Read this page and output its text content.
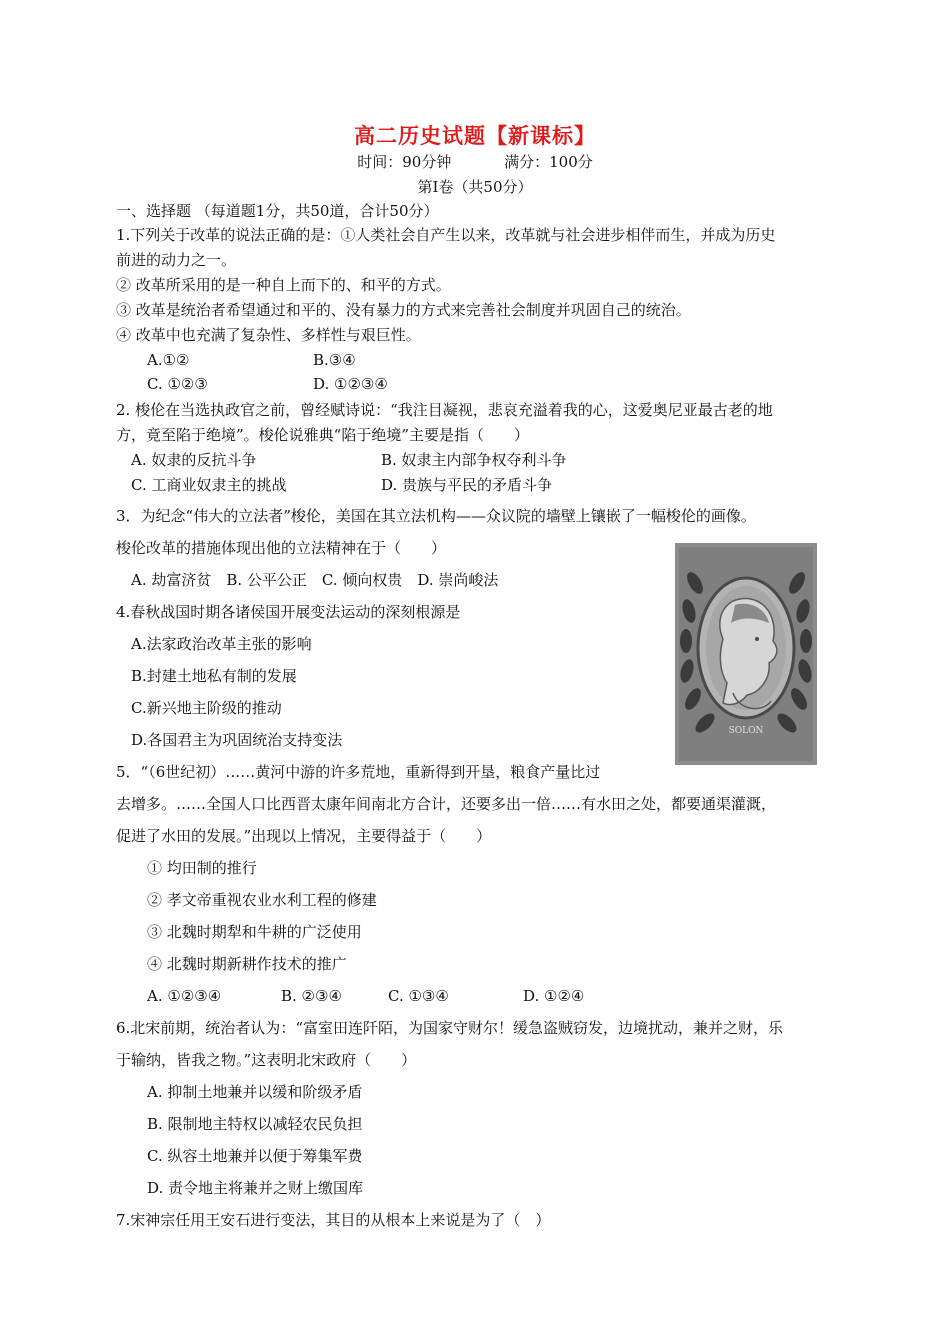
高二历史试题【新课标】
时间：90分钟	满分：100分
第Ⅰ卷（共50分）
一、选择题 （每道题1分，共50道，合计50分）
1.下列关于改革的说法正确的是：①人类社会自产生以来，改革就与社会进步相伴而生，并成为历史
前进的动力之一。
② 改革所采用的是一种自上而下的、和平的方式。
③ 改革是统治者希望通过和平的、没有暴力的方式来完善社会制度并巩固自己的统治。
④ 改革中也充满了复杂性、多样性与艰巨性。
A.①②	B.③④
C. ①②③	D. ①②③④
2. 梭伦在当选执政官之前，曾经赋诗说：“我注目凝视，悲哀充溢着我的心，这爱奥尼亚最古老的地
方，竟至陷于绝境”。梭伦说雅典“陷于绝境”主要是指（　　）
A. 奴隶的反抗斗争	B. 奴隶主内部争权夺利斗争
C. 工商业奴隶主的挑战	D. 贵族与平民的矛盾斗争
3．为纪念“伟大的立法者”梭伦，美国在其立法机构——众议院的墙壁上镶嵌了一幅梭伦的画像。
梭伦改革的措施体现出他的立法精神在于（　　）
A. 劫富济贫　B. 公平公正　C. 倾向权贵　D. 崇尚峻法
4.春秋战国时期各诸侯国开展变法运动的深刻根源是
A.法家政治改革主张的影响
B.封建土地私有制的发展
C.新兴地主阶级的推动
D.各国君主为巩固统治支持变法	SOLON
5．“（6世纪初）……黄河中游的许多荒地，重新得到开垦，粮食产量比过
去增多。……全国人口比西晋太康年间南北方合计，还要多出一倍……有水田之处，都要通渠灌溉，
促进了水田的发展。”出现以上情况，主要得益于（　　）
① 均田制的推行
② 孝文帝重视农业水利工程的修建
③ 北魏时期犁和牛耕的广泛使用
④ 北魏时期新耕作技术的推广
A. ①②③④	B. ②③④	C. ①③④	D. ①②④
6.北宋前期，统治者认为：“富室田连阡陌，为国家守财尔！缓急盗贼窃发，边境扰动，兼并之财，乐
于输纳，皆我之物。”这表明北宋政府（　　）
A. 抑制土地兼并以缓和阶级矛盾
B. 限制地主特权以减轻农民负担
C. 纵容土地兼并以便于筹集军费
D. 责令地主将兼并之财上缴国库
7.宋神宗任用王安石进行变法，其目的从根本上来说是为了（　）
